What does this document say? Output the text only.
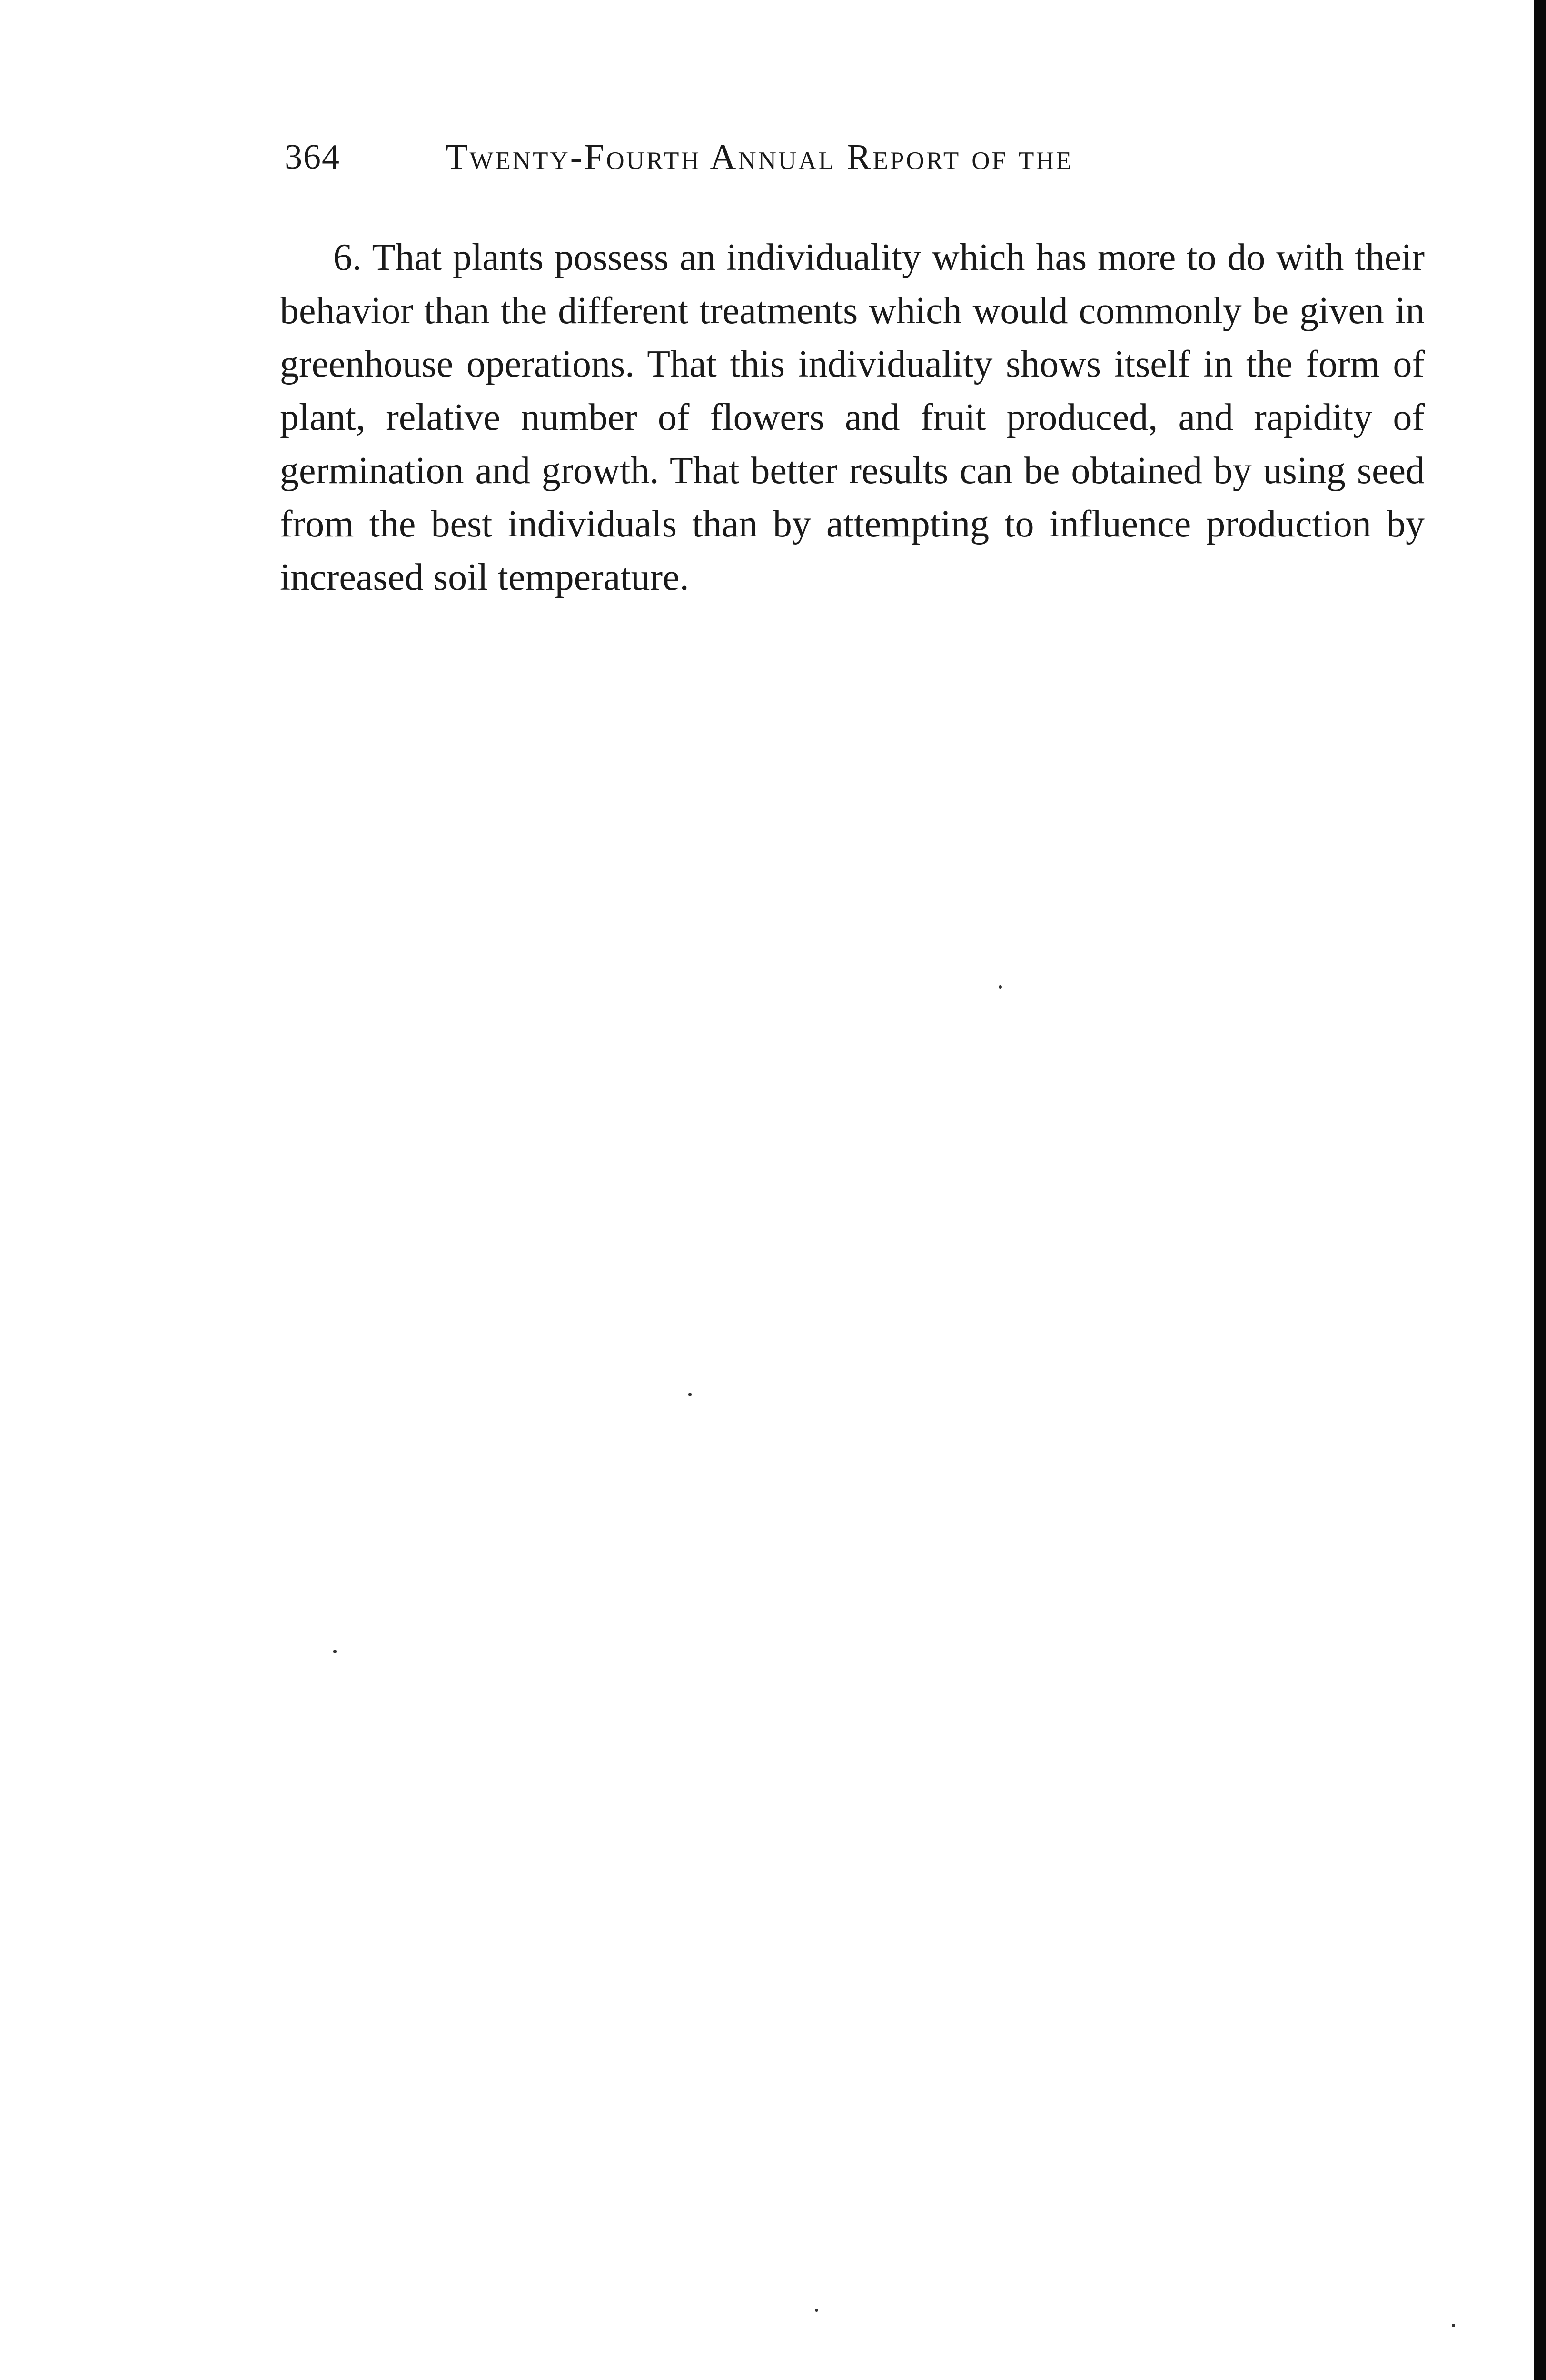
364	Twenty-Fourth Annual Report of the

6. That plants possess an individuality which has more to do with their behavior than the different treatments which would commonly be given in greenhouse operations. That this individuality shows itself in the form of plant, relative number of flowers and fruit produced, and rapidity of germination and growth. That better results can be obtained by using seed from the best individuals than by attempting to influence production by increased soil temperature.
